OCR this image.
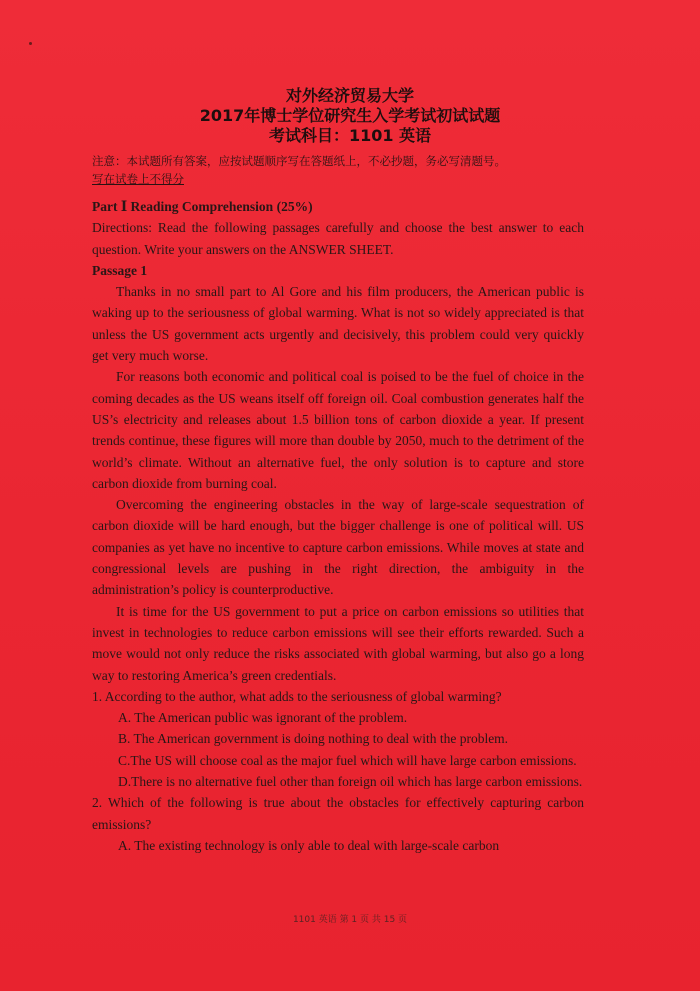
对外经济贸易大学
2017年博士学位研究生入学考试初试试题
考试科目：1101 英语
注意：本试题所有答案，应按试题顺序写在答题纸上，不必抄题，务必写清题号。
写在试卷上不得分

Part Ⅰ Reading Comprehension (25%)

Directions: Read the following passages carefully and choose the best answer to each question. Write your answers on the ANSWER SHEET.

Passage 1

Thanks in no small part to Al Gore and his film producers, the American public is waking up to the seriousness of global warming. What is not so widely appreciated is that unless the US government acts urgently and decisively, this problem could very quickly get very much worse.

For reasons both economic and political coal is poised to be the fuel of choice in the coming decades as the US weans itself off foreign oil. Coal combustion generates half the US’s electricity and releases about 1.5 billion tons of carbon dioxide a year. If present trends continue, these figures will more than double by 2050, much to the detriment of the world’s climate. Without an alternative fuel, the only solution is to capture and store carbon dioxide from burning coal.

Overcoming the engineering obstacles in the way of large-scale sequestration of carbon dioxide will be hard enough, but the bigger challenge is one of political will. US companies as yet have no incentive to capture carbon emissions. While moves at state and congressional levels are pushing in the right direction, the ambiguity in the administration’s policy is counterproductive.

It is time for the US government to put a price on carbon emissions so utilities that invest in technologies to reduce carbon emissions will see their efforts rewarded. Such a move would not only reduce the risks associated with global warming, but also go a long way to restoring America’s green credentials.

1. According to the author, what adds to the seriousness of global warming?

A. The American public was ignorant of the problem.

B. The American government is doing nothing to deal with the problem.

C.The US will choose coal as the major fuel which will have large carbon emissions.

D.There is no alternative fuel other than foreign oil which has large carbon emissions.

2. Which of the following is true about the obstacles for effectively capturing carbon emissions?

A. The existing technology is only able to deal with large-scale carbon

1101 英语 第 1 页 共 15 页
